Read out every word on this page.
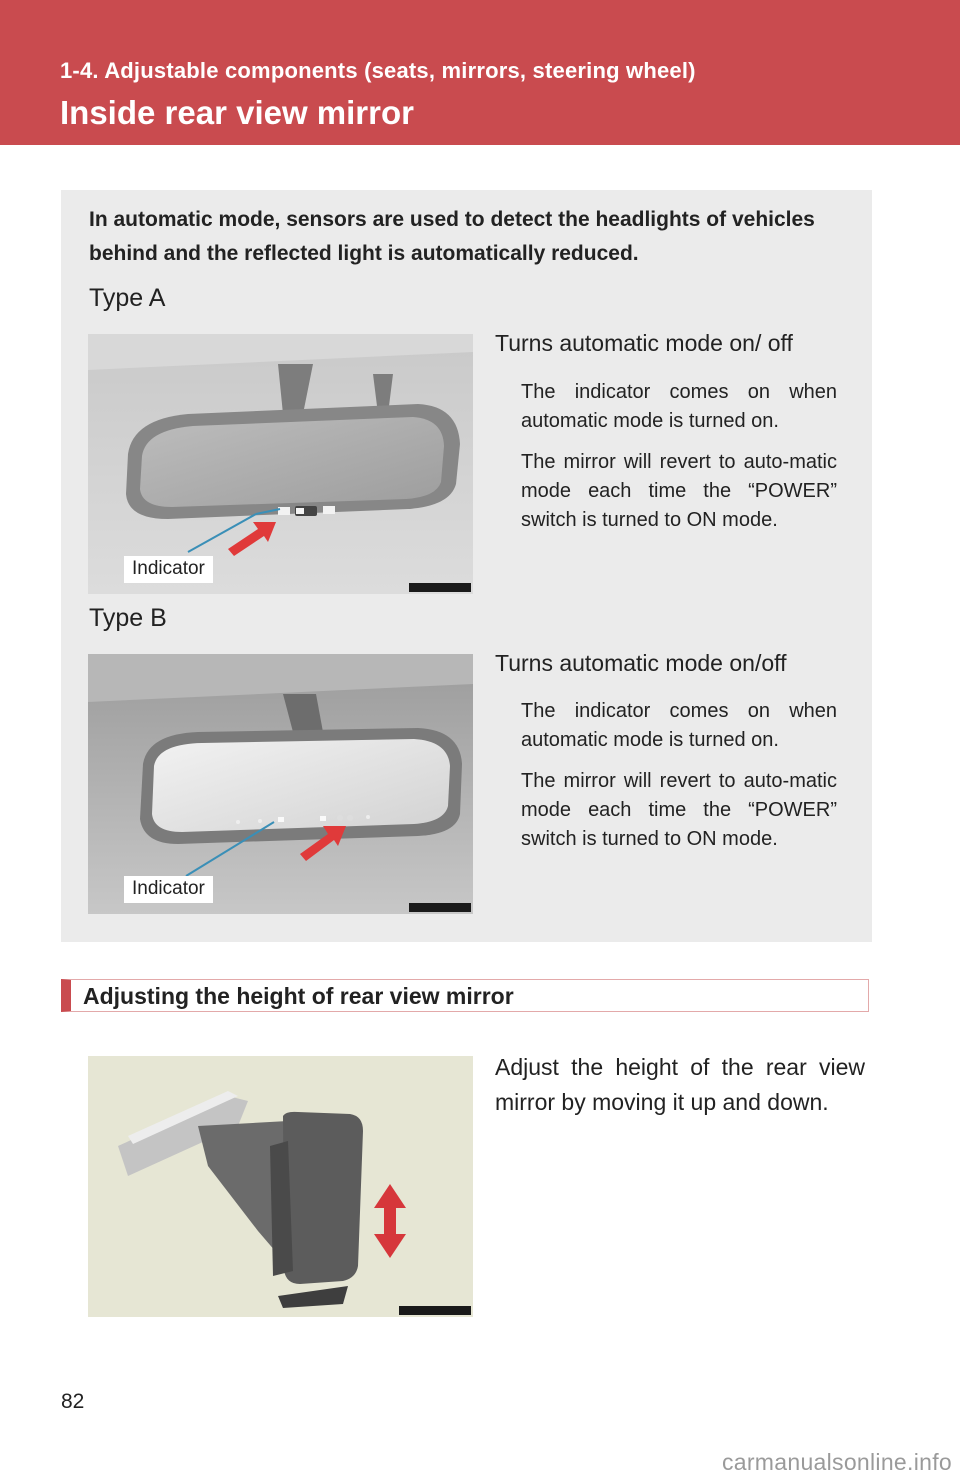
1-4. Adjustable components (seats, mirrors, steering wheel)
Inside rear view mirror
In automatic mode, sensors are used to detect the headlights of vehicles behind and the reflected light is automatically reduced.
Type A
Indicator
Turns automatic mode on/ off
The indicator comes on when automatic mode is turned on.
The mirror will revert to auto-matic mode each time the “POWER” switch is turned to ON mode.
Type B
Indicator
Turns automatic mode on/off
The indicator comes on when automatic mode is turned on.
The mirror will revert to auto-matic mode each time the “POWER” switch is turned to ON mode.
Adjusting the height of rear view mirror
Adjust the height of the rear view mirror by moving it up and down.
82
carmanualsonline.info
